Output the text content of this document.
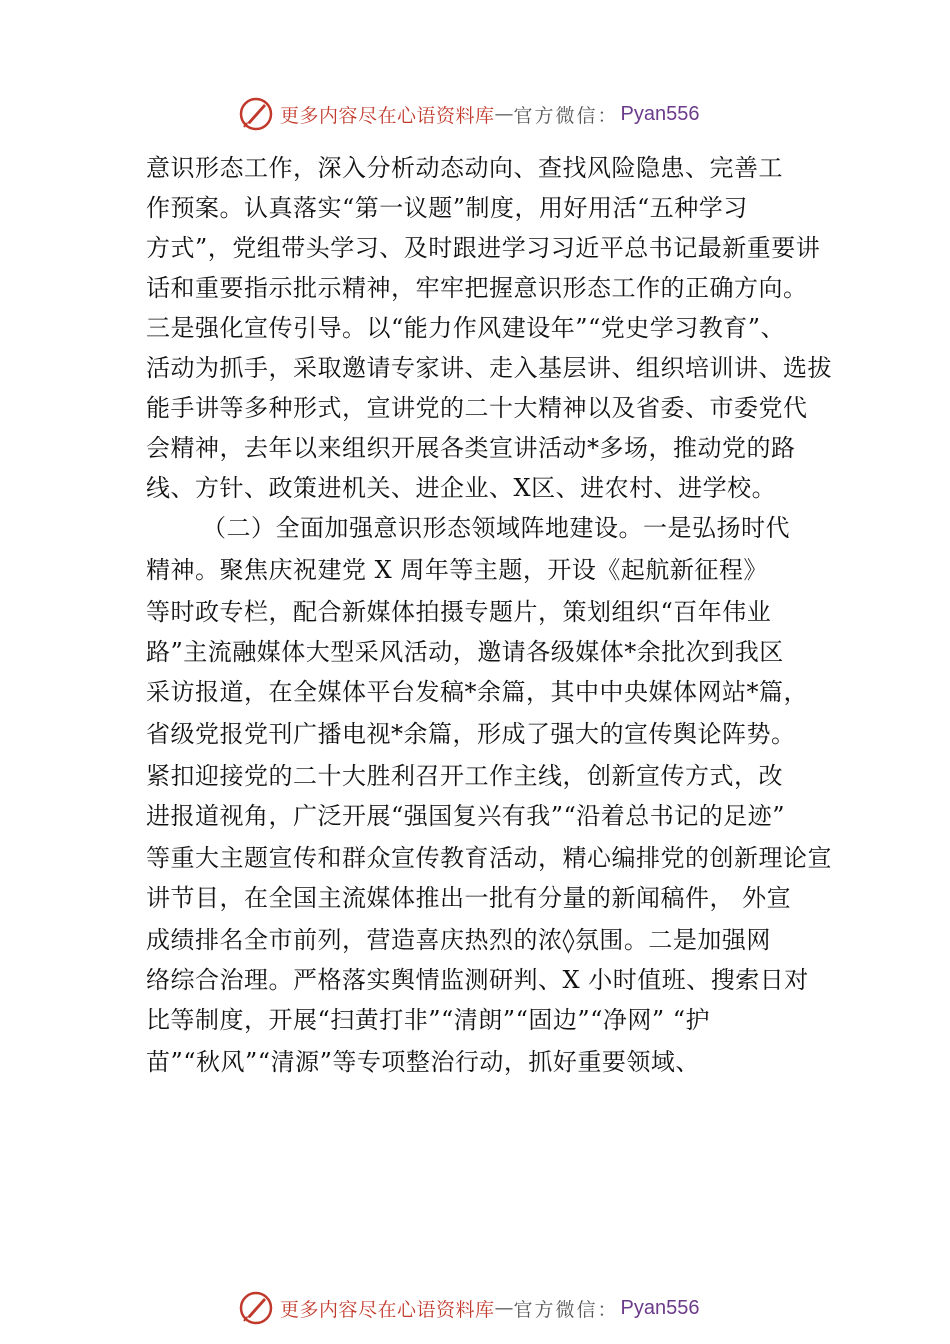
更多内容尽在心语资料库 — 官方微信： Pyan556
意识形态工作，深入分析动态动向、查找风险隐患、完善工
作预案。认真落实“第一议题”制度，用好用活“五种学习
方式”，党组带头学习、及时跟进学习习近平总书记最新重要讲
话和重要指示批示精神，牢牢把握意识形态工作的正确方向。
三是强化宣传引导。以“能力作风建设年”“党史学习教育”、
活动为抓手，采取邀请专家讲、走入基层讲、组织培训讲、选拔
能手讲等多种形式，宣讲党的二十大精神以及省委、市委党代
会精神，去年以来组织开展各类宣讲活动*多场，推动党的路
线、方针、政策进机关、进企业、X区、进农村、进学校。
（二）全面加强意识形态领域阵地建设。一是弘扬时代
精神。聚焦庆祝建党 X 周年等主题，开设《起航新征程》
等时政专栏，配合新媒体拍摄专题片，策划组织“百年伟业
路”主流融媒体大型采风活动，邀请各级媒体*余批次到我区
采访报道，在全媒体平台发稿*余篇，其中中央媒体网站*篇，
省级党报党刊广播电视*余篇，形成了强大的宣传舆论阵势。
紧扣迎接党的二十大胜利召开工作主线，创新宣传方式，改
进报道视角，广泛开展“强国复兴有我”“沿着总书记的足迹”
等重大主题宣传和群众宣传教育活动，精心编排党的创新理论宣
讲节目，在全国主流媒体推出一批有分量的新闻稿件， 外宣
成绩排名全市前列，营造喜庆热烈的浓◊氛围。二是加强网
络综合治理。严格落实舆情监测研判、X 小时值班、搜索日对
比等制度，开展“扫黄打非”“清朗”“固边”“净网” “护
苗”“秋风”“清源”等专项整治行动，抓好重要领域、
更多内容尽在心语资料库 — 官方微信： Pyan556
